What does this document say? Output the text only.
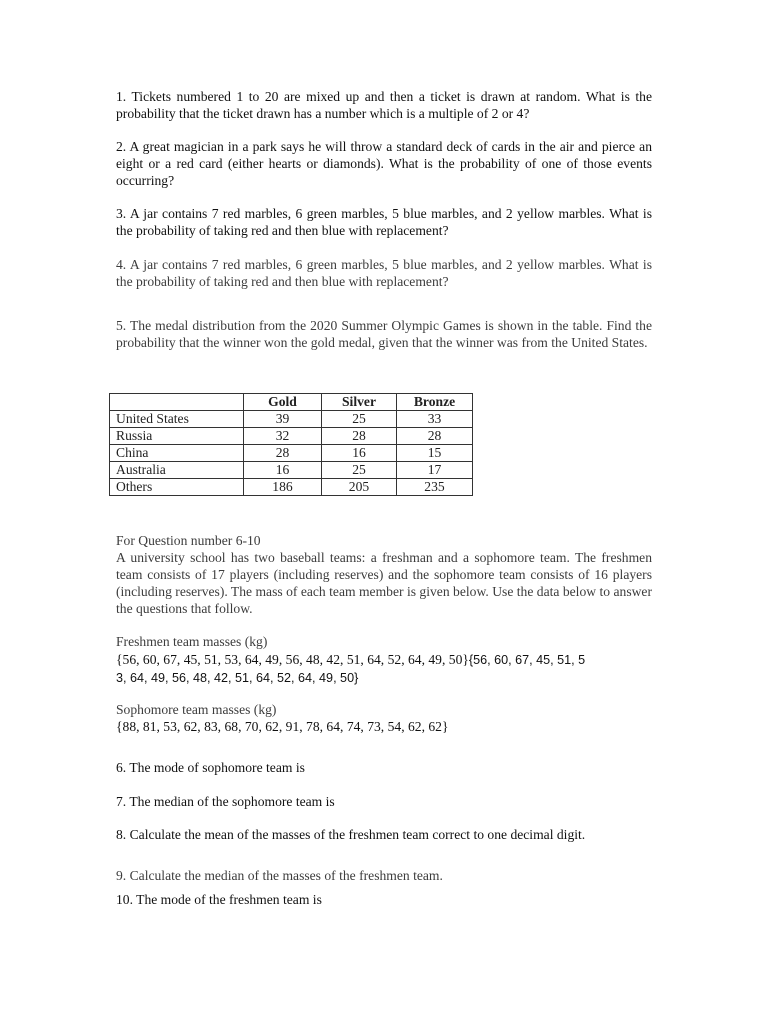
1. Tickets numbered 1 to 20 are mixed up and then a ticket is drawn at random. What is the probability that the ticket drawn has a number which is a multiple of 2 or 4?

2. A great magician in a park says he will throw a standard deck of cards in the air and pierce an eight or a red card (either hearts or diamonds). What is the probability of one of those events occurring?

3. A jar contains 7 red marbles, 6 green marbles, 5 blue marbles, and 2 yellow marbles. What is the probability of taking red and then blue with replacement?

4. A jar contains 7 red marbles, 6 green marbles, 5 blue marbles, and 2 yellow marbles. What is the probability of taking red and then blue with replacement?

5. The medal distribution from the 2020 Summer Olympic Games is shown in the table. Find the probability that the winner won the gold medal, given that the winner was from the United States.

	Gold	Silver	Bronze
United States	39	25	33
Russia	32	28	28
China	28	16	15
Australia	16	25	17
Others	186	205	235

For Question number 6-10

A university school has two baseball teams: a freshman and a sophomore team. The freshmen team consists of 17 players (including reserves) and the sophomore team consists of 16 players (including reserves). The mass of each team member is given below. Use the data below to answer the questions that follow.

Freshmen team masses (kg)

{56, 60, 67, 45, 51, 53, 64, 49, 56, 48, 42, 51, 64, 52, 64, 49, 50}{56, 60, 67, 45, 51, 5
3, 64, 49, 56, 48, 42, 51, 64, 52, 64, 49, 50}

Sophomore team masses (kg)

{88, 81, 53, 62, 83, 68, 70, 62, 91, 78, 64, 74, 73, 54, 62, 62}

6. The mode of sophomore team is

7. The median of the sophomore team is

8. Calculate the mean of the masses of the freshmen team correct to one decimal digit.

9. Calculate the median of the masses of the freshmen team.

10. The mode of the freshmen team is
